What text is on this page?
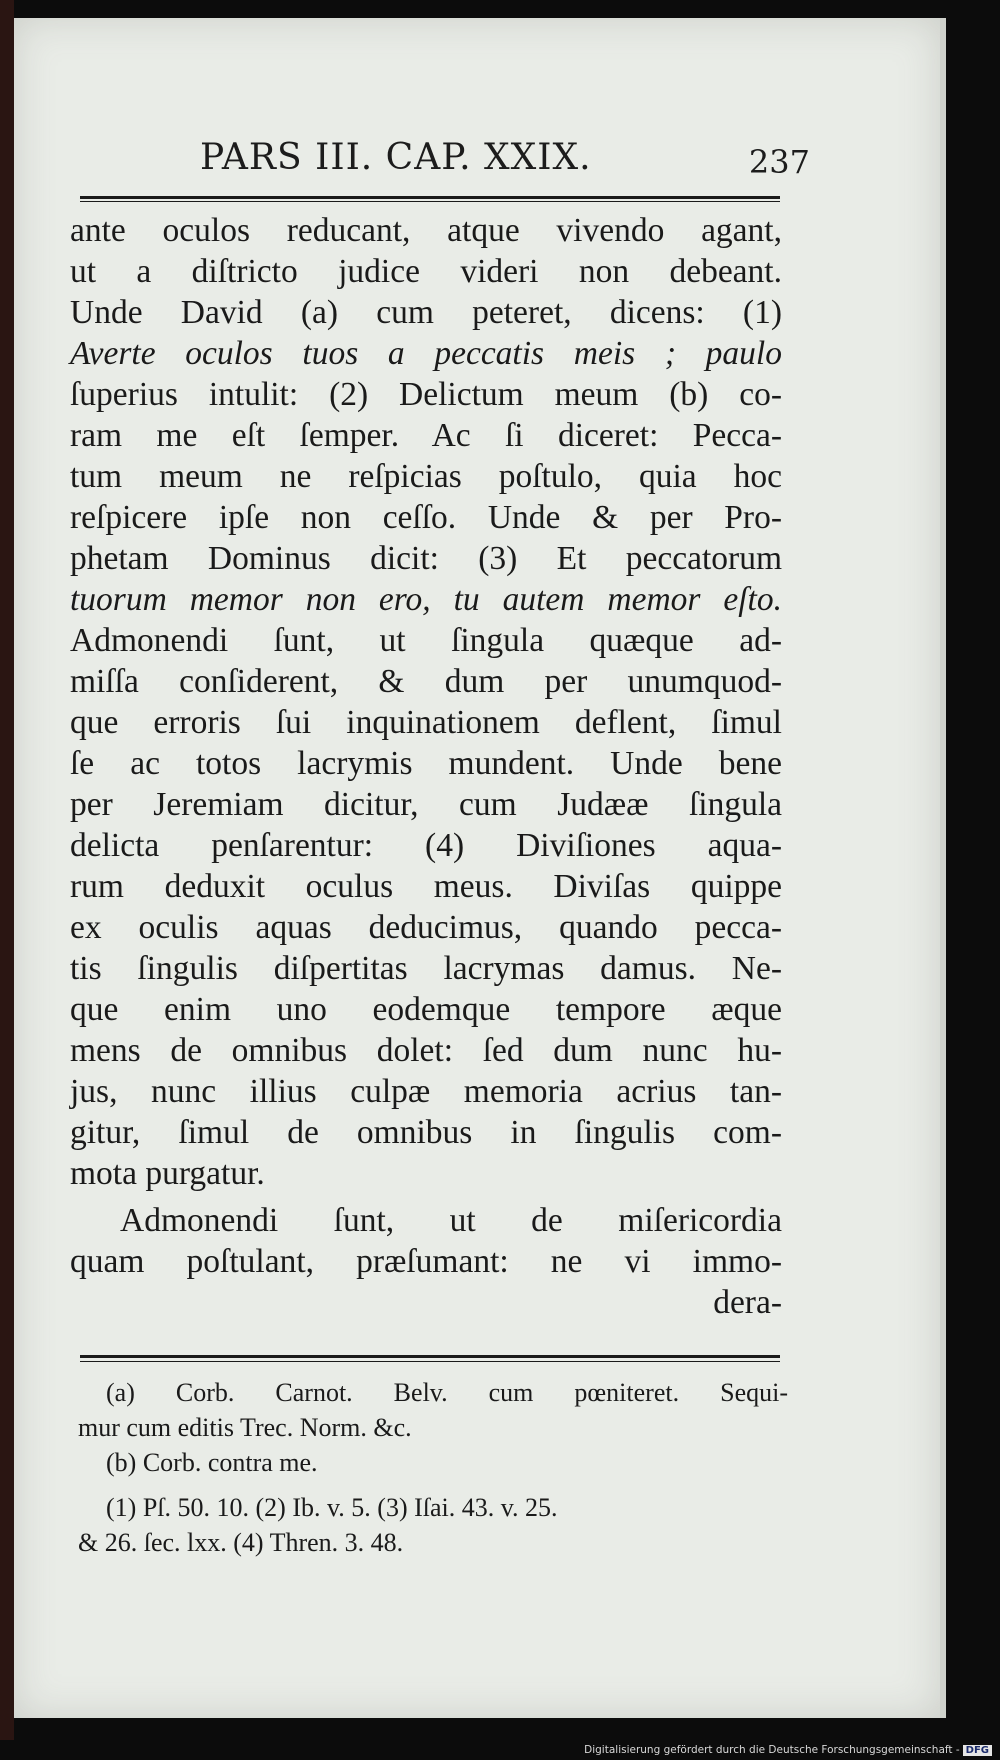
PARS III. CAP. XXIX.	237
ante oculos reducant, atque vivendo agant,
ut a diſtricto judice videri non debeant.
Unde David (a) cum peteret, dicens: (1)
Averte oculos tuos a peccatis meis ; paulo
ſuperius intulit: (2) Delictum meum (b) co-
ram me eſt ſemper. Ac ſi diceret: Pecca-
tum meum ne reſpicias poſtulo, quia hoc
reſpicere ipſe non ceſſo. Unde & per Pro-
phetam Dominus dicit: (3) Et peccatorum
tuorum memor non ero, tu autem memor eſto.
Admonendi ſunt, ut ſingula quæque ad-
miſſa conſiderent, & dum per unumquod-
que erroris ſui inquinationem deflent, ſimul
ſe ac totos lacrymis mundent. Unde bene
per Jeremiam dicitur, cum Judææ ſingula
delicta penſarentur: (4) Diviſiones aqua-
rum deduxit oculus meus. Diviſas quippe
ex oculis aquas deducimus, quando pecca-
tis ſingulis diſpertitas lacrymas damus. Ne-
que enim uno eodemque tempore æque
mens de omnibus dolet: ſed dum nunc hu-
jus, nunc illius culpæ memoria acrius tan-
gitur, ſimul de omnibus in ſingulis com-
mota purgatur.
Admonendi ſunt, ut de miſericordia
quam poſtulant, præſumant: ne vi immo-
dera-
(a) Corb. Carnot. Belv. cum pœniteret. Sequi-
mur cum editis Trec. Norm. &c.
(b) Corb. contra me.
(1) Pſ. 50. 10. (2) Ib. v. 5. (3) Iſai. 43. v. 25.
& 26. ſec. lxx. (4) Thren. 3. 48.
Digitalisierung gefördert durch die Deutsche Forschungsgemeinschaft - DFG
